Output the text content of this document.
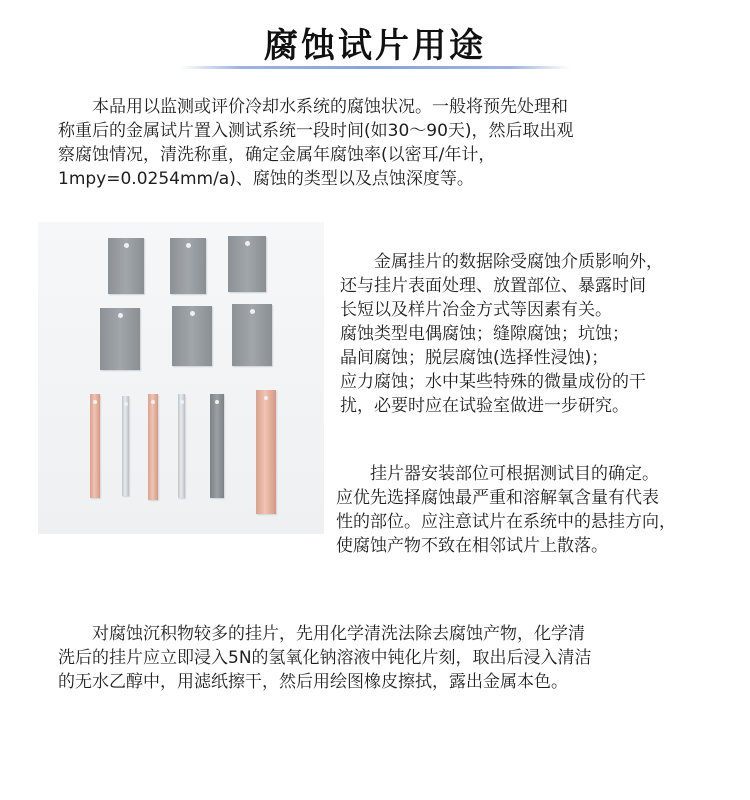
腐蚀试片用途

　　本品用以监测或评价冷却水系统的腐蚀状况。一般将预先处理和
称重后的金属试片置入测试系统一段时间(如30～90天)，然后取出观
察腐蚀情况，清洗称重，确定金属年腐蚀率(以密耳/年计，
1mpy=0.0254mm/a)、腐蚀的类型以及点蚀深度等。

　　金属挂片的数据除受腐蚀介质影响外，
还与挂片表面处理、放置部位、暴露时间
长短以及样片冶金方式等因素有关。
腐蚀类型电偶腐蚀；缝隙腐蚀；坑蚀；
晶间腐蚀；脱层腐蚀(选择性浸蚀)；
应力腐蚀；水中某些特殊的微量成份的干
扰，必要时应在试验室做进一步研究。

　　挂片器安装部位可根据测试目的确定。
应优先选择腐蚀最严重和溶解氧含量有代表
性的部位。应注意试片在系统中的悬挂方向，
使腐蚀产物不致在相邻试片上散落。

　　对腐蚀沉积物较多的挂片，先用化学清洗法除去腐蚀产物，化学清
洗后的挂片应立即浸入5N的氢氧化钠溶液中钝化片刻，取出后浸入清洁
的无水乙醇中，用滤纸擦干，然后用绘图橡皮擦拭，露出金属本色。
